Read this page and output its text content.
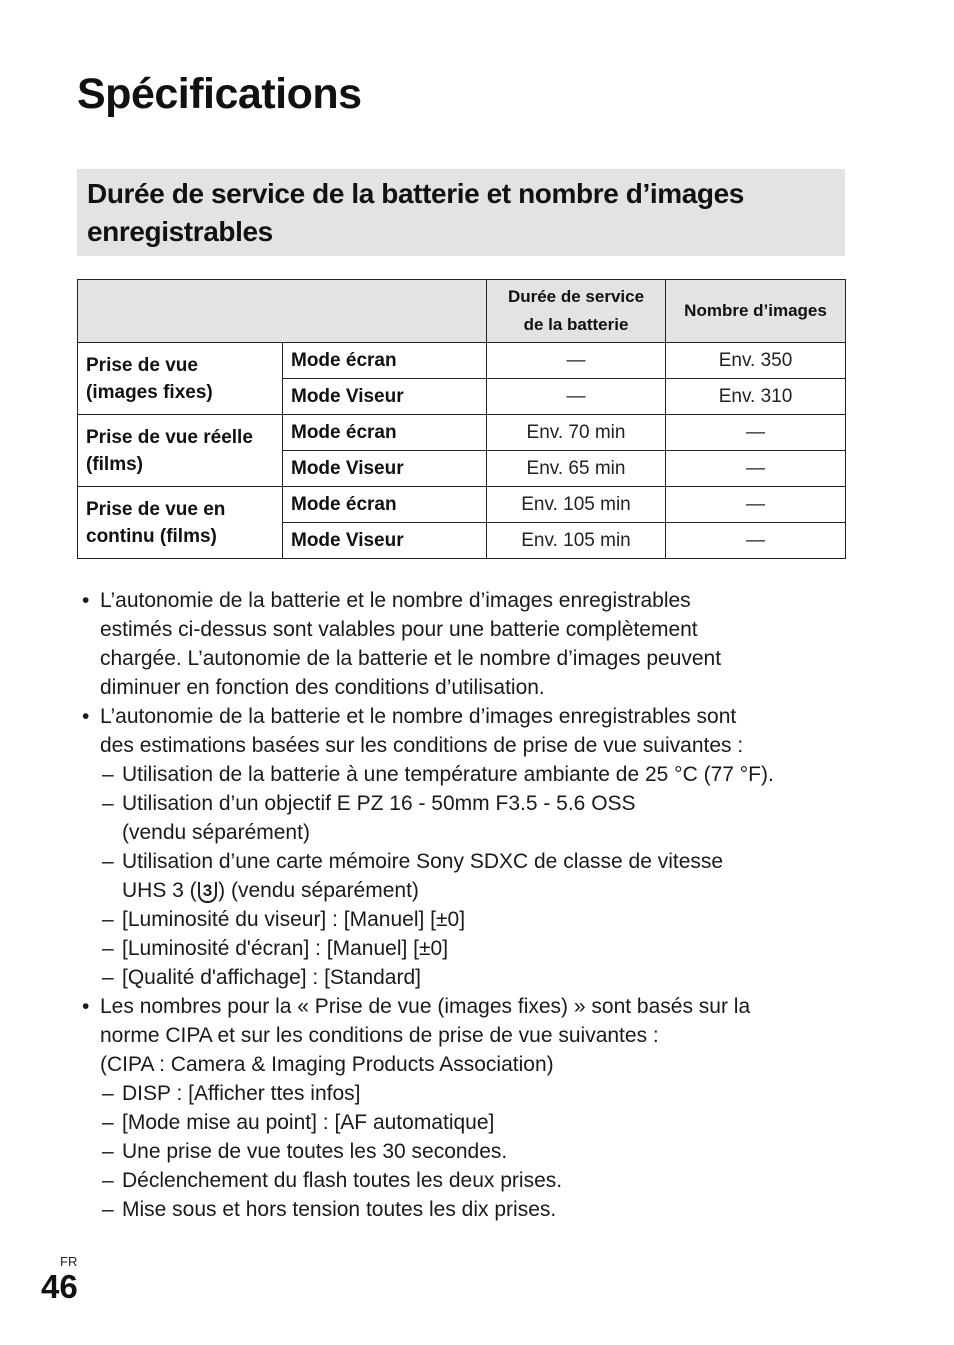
Spécifications
Durée de service de la batterie et nombre d’images
enregistrables
		Durée de service
de la batterie	Nombre d’images
Prise de vue
(images fixes)	Mode écran	—	Env. 350
	Mode Viseur	—	Env. 310
Prise de vue réelle
(films)	Mode écran	Env. 70 min	—
	Mode Viseur	Env. 65 min	—
Prise de vue en
continu (films)	Mode écran	Env. 105 min	—
	Mode Viseur	Env. 105 min	—
• L’autonomie de la batterie et le nombre d’images enregistrables
estimés ci-dessus sont valables pour une batterie complètement
chargée. L’autonomie de la batterie et le nombre d’images peuvent
diminuer en fonction des conditions d’utilisation.
• L’autonomie de la batterie et le nombre d’images enregistrables sont
des estimations basées sur les conditions de prise de vue suivantes :
– Utilisation de la batterie à une température ambiante de 25 °C (77 °F).
– Utilisation d’un objectif E PZ 16 - 50mm F3.5 - 5.6 OSS
(vendu séparément)
– Utilisation d’une carte mémoire Sony SDXC de classe de vitesse
UHS 3 ( 3 ) (vendu séparément)
– [Luminosité du viseur] : [Manuel] [±0]
– [Luminosité d'écran] : [Manuel] [±0]
– [Qualité d'affichage] : [Standard]
• Les nombres pour la « Prise de vue (images fixes) » sont basés sur la
norme CIPA et sur les conditions de prise de vue suivantes :
(CIPA : Camera & Imaging Products Association)
– DISP : [Afficher ttes infos]
– [Mode mise au point] : [AF automatique]
– Une prise de vue toutes les 30 secondes.
– Déclenchement du flash toutes les deux prises.
– Mise sous et hors tension toutes les dix prises.
FR
46
